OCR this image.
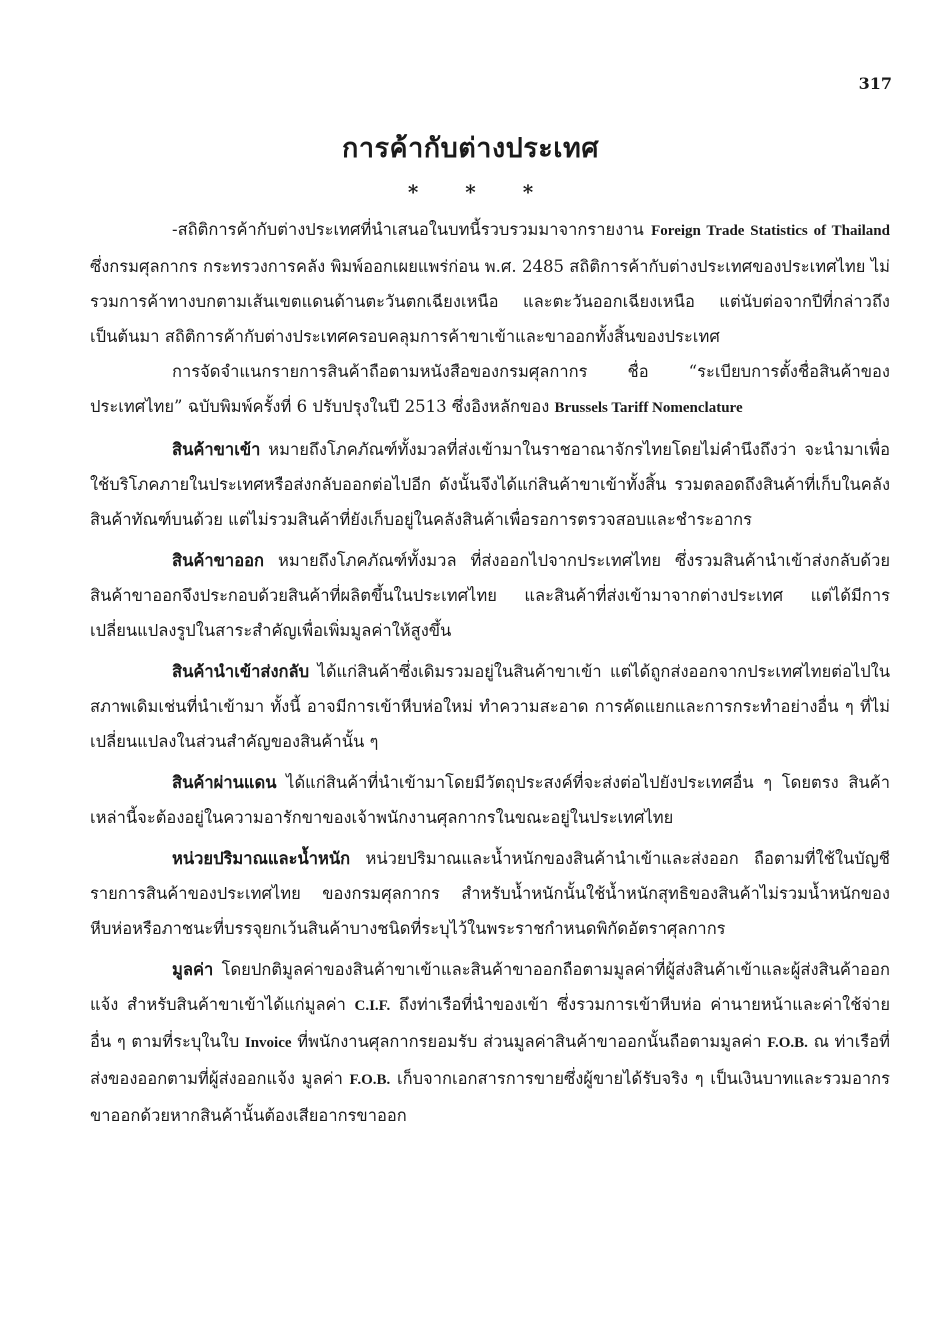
317
การค้ากับต่างประเทศ
* * *

-สถิติการค้ากับต่างประเทศที่นำเสนอในบทนี้รวบรวมมาจากรายงาน Foreign Trade Statistics of Thailand ซึ่งกรมศุลกากร กระทรวงการคลัง พิมพ์ออกเผยแพร่ก่อน พ.ศ. 2485 สถิติการค้ากับต่างประเทศของประเทศไทย ไม่รวมการค้าทางบกตามเส้นเขตแดนด้านตะวันตกเฉียงเหนือ และตะวันออกเฉียงเหนือ แต่นับต่อจากปีที่กล่าวถึงเป็นต้นมา สถิติการค้ากับต่างประเทศครอบคลุมการค้าขาเข้าและขาออกทั้งสิ้นของประเทศ

การจัดจำแนกรายการสินค้าถือตามหนังสือของกรมศุลกากร ชื่อ “ระเบียบการตั้งชื่อสินค้าของประเทศไทย” ฉบับพิมพ์ครั้งที่ 6 ปรับปรุงในปี 2513 ซึ่งอิงหลักของ Brussels Tariff Nomenclature

สินค้าขาเข้า หมายถึงโภคภัณฑ์ทั้งมวลที่ส่งเข้ามาในราชอาณาจักรไทยโดยไม่คำนึงถึงว่า จะนำมาเพื่อใช้บริโภคภายในประเทศหรือส่งกลับออกต่อไปอีก ดังนั้นจึงได้แก่สินค้าขาเข้าทั้งสิ้น รวมตลอดถึงสินค้าที่เก็บในคลังสินค้าทัณฑ์บนด้วย แต่ไม่รวมสินค้าที่ยังเก็บอยู่ในคลังสินค้าเพื่อรอการตรวจสอบและชำระอากร

สินค้าขาออก หมายถึงโภคภัณฑ์ทั้งมวล ที่ส่งออกไปจากประเทศไทย ซึ่งรวมสินค้านำเข้าส่งกลับด้วย สินค้าขาออกจึงประกอบด้วยสินค้าที่ผลิตขึ้นในประเทศไทย และสินค้าที่ส่งเข้ามาจากต่างประเทศ แต่ได้มีการเปลี่ยนแปลงรูปในสาระสำคัญเพื่อเพิ่มมูลค่าให้สูงขึ้น

สินค้านำเข้าส่งกลับ ได้แก่สินค้าซึ่งเดิมรวมอยู่ในสินค้าขาเข้า แต่ได้ถูกส่งออกจากประเทศไทยต่อไปในสภาพเดิมเช่นที่นำเข้ามา ทั้งนี้ อาจมีการเข้าหีบห่อใหม่ ทำความสะอาด การคัดแยกและการกระทำอย่างอื่น ๆ ที่ไม่เปลี่ยนแปลงในส่วนสำคัญของสินค้านั้น ๆ

สินค้าผ่านแดน ได้แก่สินค้าที่นำเข้ามาโดยมีวัตถุประสงค์ที่จะส่งต่อไปยังประเทศอื่น ๆ โดยตรง สินค้าเหล่านี้จะต้องอยู่ในความอารักขาของเจ้าพนักงานศุลกากรในขณะอยู่ในประเทศไทย

หน่วยปริมาณและน้ำหนัก หน่วยปริมาณและน้ำหนักของสินค้านำเข้าและส่งออก ถือตามที่ใช้ในบัญชีรายการสินค้าของประเทศไทย ของกรมศุลกากร สำหรับน้ำหนักนั้นใช้น้ำหนักสุทธิของสินค้าไม่รวมน้ำหนักของหีบห่อหรือภาชนะที่บรรจุยกเว้นสินค้าบางชนิดที่ระบุไว้ในพระราชกำหนดพิกัดอัตราศุลกากร

มูลค่า โดยปกติมูลค่าของสินค้าขาเข้าและสินค้าขาออกถือตามมูลค่าที่ผู้ส่งสินค้าเข้าและผู้ส่งสินค้าออกแจ้ง สำหรับสินค้าขาเข้าได้แก่มูลค่า C.I.F. ถึงท่าเรือที่นำของเข้า ซึ่งรวมการเข้าหีบห่อ ค่านายหน้าและค่าใช้จ่ายอื่น ๆ ตามที่ระบุในใบ Invoice ที่พนักงานศุลกากรยอมรับ ส่วนมูลค่าสินค้าขาออกนั้นถือตามมูลค่า F.O.B. ณ ท่าเรือที่ส่งของออกตามที่ผู้ส่งออกแจ้ง มูลค่า F.O.B. เก็บจากเอกสารการขายซึ่งผู้ขายได้รับจริง ๆ เป็นเงินบาทและรวมอากรขาออกด้วยหากสินค้านั้นต้องเสียอากรขาออก
